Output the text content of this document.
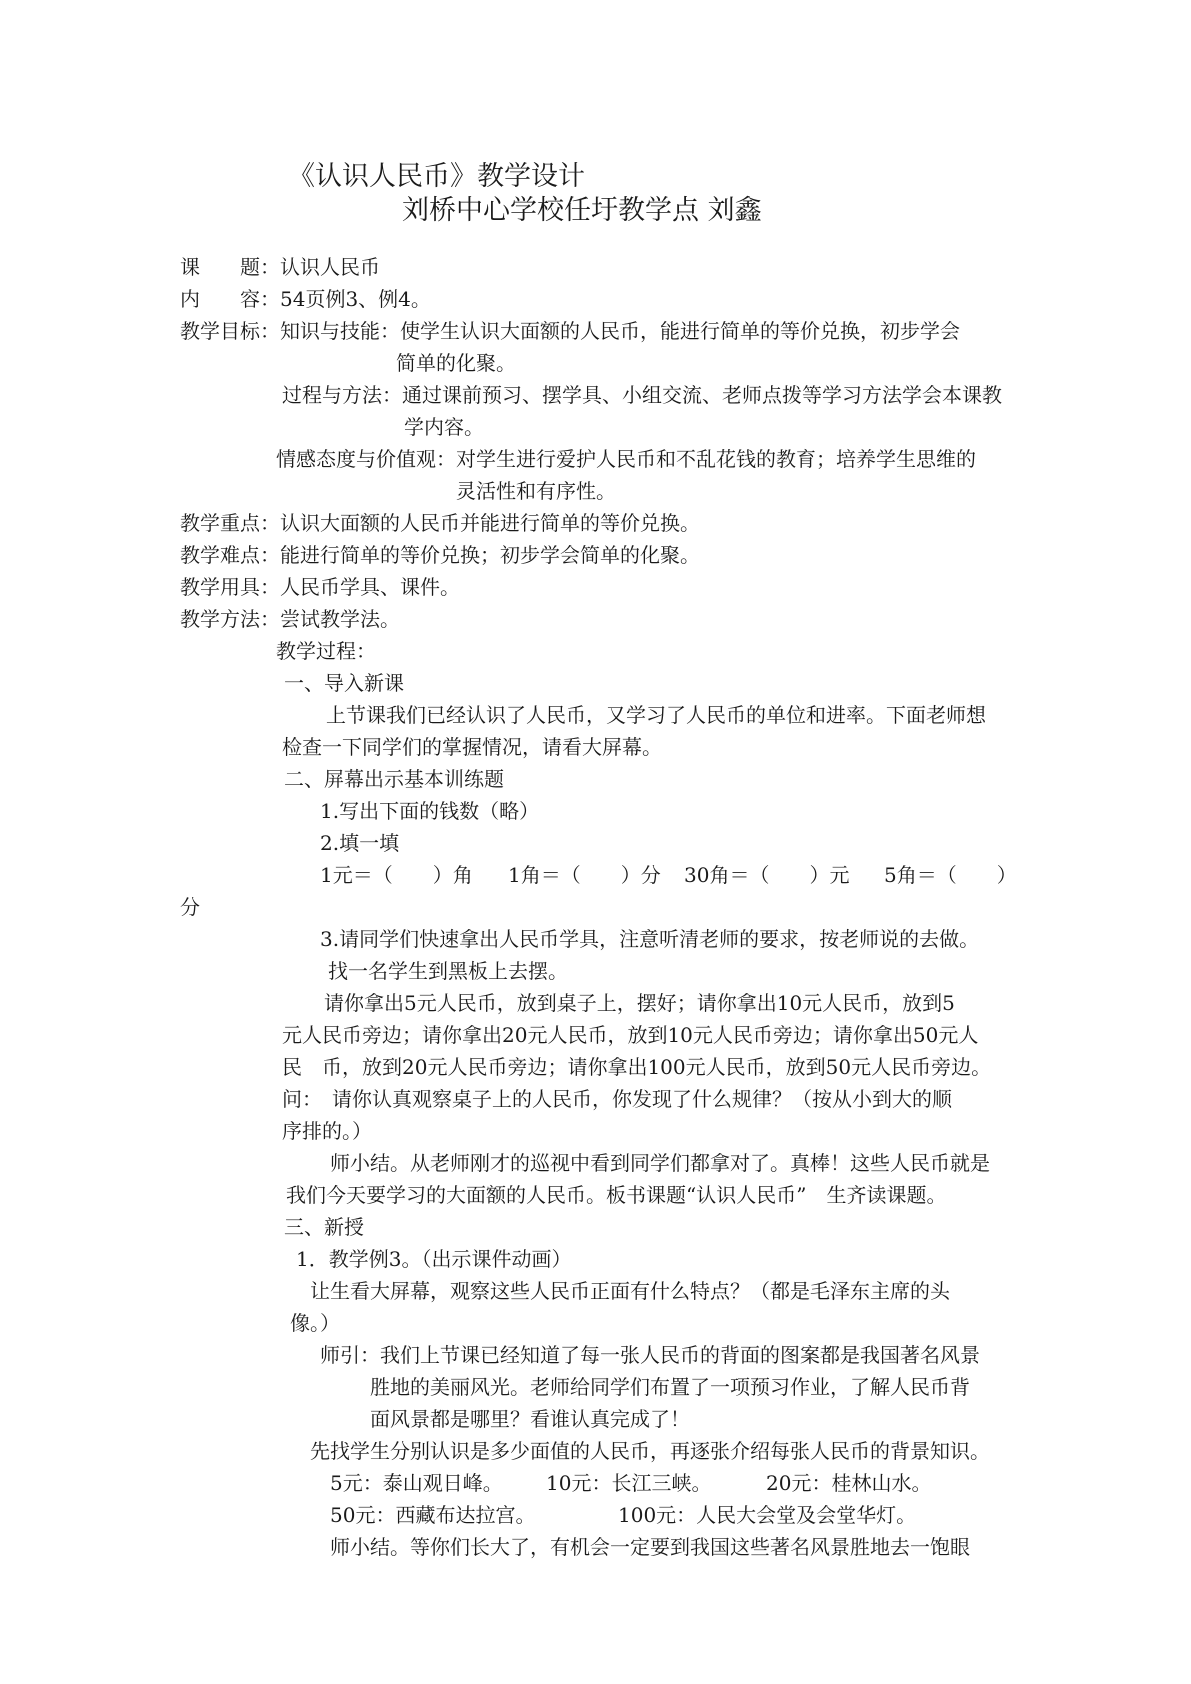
《认识人民币》教学设计
刘桥中心学校任圩教学点 刘鑫
课　　题：认识人民币
内　　容：54页例3、例4。
教学目标：知识与技能：使学生认识大面额的人民币，能进行简单的等价兑换，初步学会
简单的化聚。
过程与方法：通过课前预习、摆学具、小组交流、老师点拨等学习方法学会本课教
学内容。
情感态度与价值观：对学生进行爱护人民币和不乱花钱的教育；培养学生思维的
灵活性和有序性。
教学重点：认识大面额的人民币并能进行简单的等价兑换。
教学难点：能进行简单的等价兑换；初步学会简单的化聚。
教学用具：人民币学具、课件。
教学方法：尝试教学法。
教学过程：
一、导入新课
上节课我们已经认识了人民币，又学习了人民币的单位和进率。下面老师想
检查一下同学们的掌握情况，请看大屏幕。
二、屏幕出示基本训练题
1.写出下面的钱数（略）
2.填一填
1元＝（　　）角 1角＝（　　）分 30角＝（　　）元 5角＝（　　）
分
3.请同学们快速拿出人民币学具，注意听清老师的要求，按老师说的去做。
找一名学生到黑板上去摆。
请你拿出5元人民币，放到桌子上，摆好；请你拿出10元人民币，放到5
元人民币旁边；请你拿出20元人民币，放到10元人民币旁边；请你拿出50元人
民　币，放到20元人民币旁边；请你拿出100元人民币，放到50元人民币旁边。
问：　请你认真观察桌子上的人民币，你发现了什么规律？（按从小到大的顺
序排的。）
师小结。从老师刚才的巡视中看到同学们都拿对了。真棒！这些人民币就是
我们今天要学习的大面额的人民币。板书课题“认识人民币”　生齐读课题。
三、新授
1．教学例3。（出示课件动画）
让生看大屏幕，观察这些人民币正面有什么特点？（都是毛泽东主席的头
像。）
师引：我们上节课已经知道了每一张人民币的背面的图案都是我国著名风景
胜地的美丽风光。老师给同学们布置了一项预习作业，了解人民币背
面风景都是哪里？看谁认真完成了！
先找学生分别认识是多少面值的人民币，再逐张介绍每张人民币的背景知识。
5元：泰山观日峰。 10元：长江三峡。	20元：桂林山水。
50元：西藏布达拉宫。	100元：人民大会堂及会堂华灯。
师小结。等你们长大了，有机会一定要到我国这些著名风景胜地去一饱眼
